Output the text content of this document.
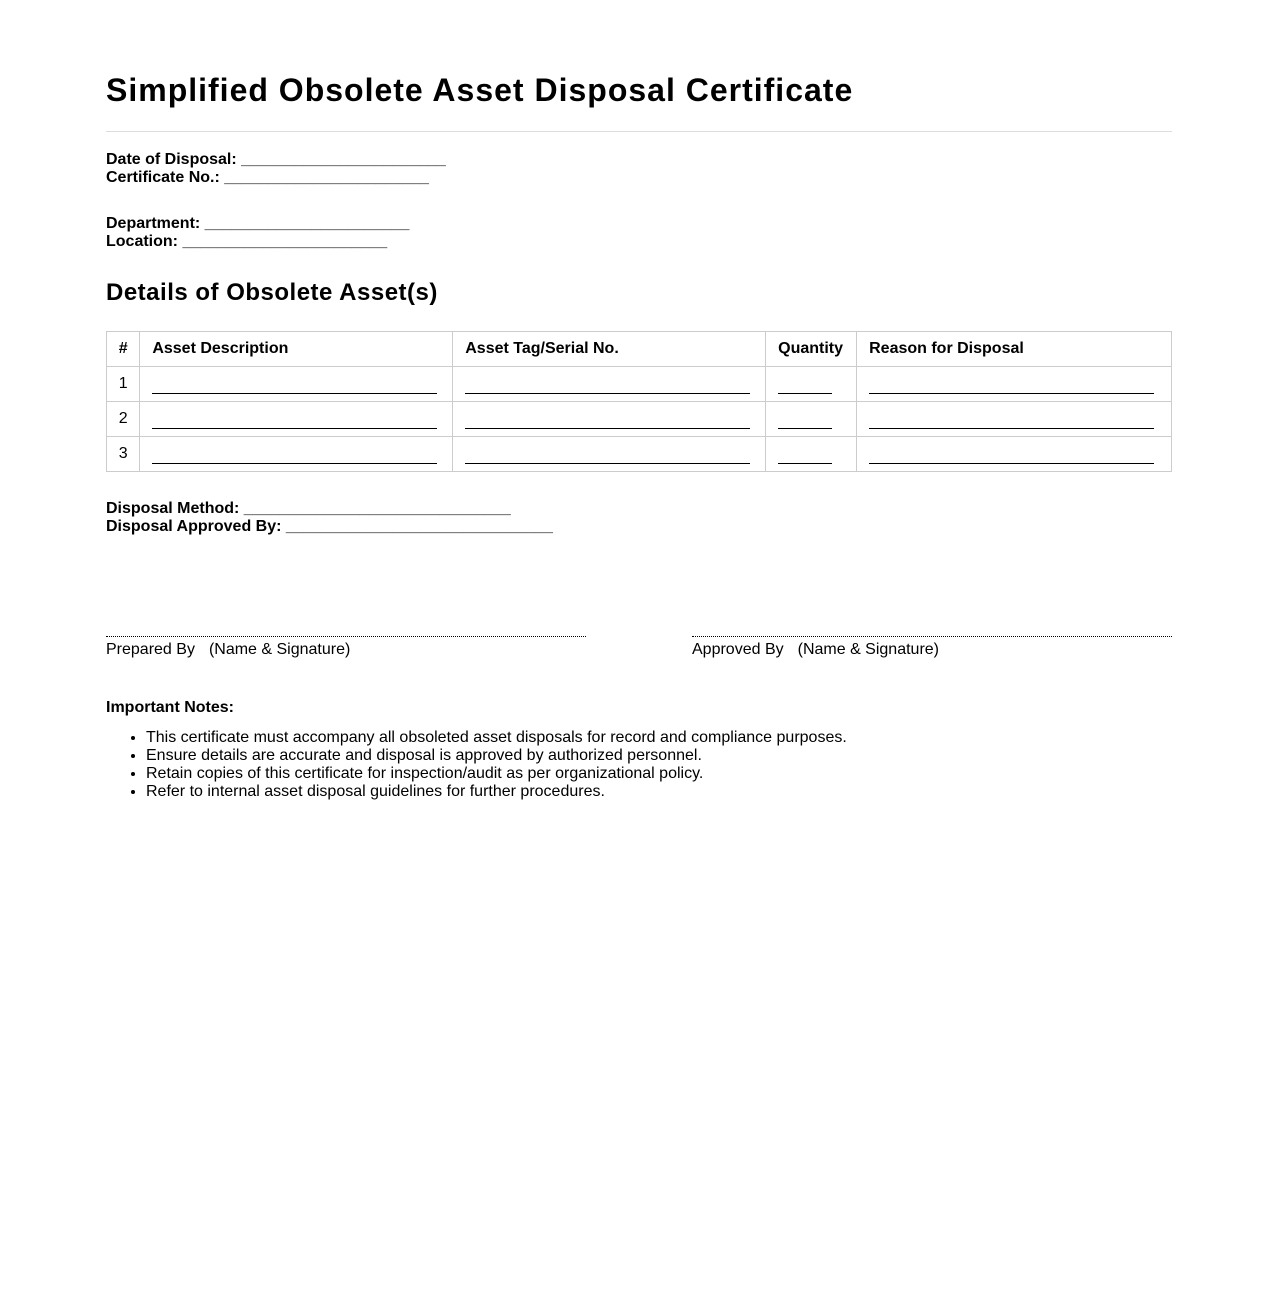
Simplified Obsolete Asset Disposal Certificate
Date of Disposal: _______________________
Certificate No.: _______________________
Department: _______________________
Location: _______________________
Details of Obsolete Asset(s)
#	Asset Description	Asset Tag/Serial No.	Quantity	Reason for Disposal
1				
2				
3				
Disposal Method: ______________________________
Disposal Approved By: ______________________________
Prepared By (Name & Signature)	Approved By (Name & Signature)
Important Notes:
• This certificate must accompany all obsoleted asset disposals for record and compliance purposes.
• Ensure details are accurate and disposal is approved by authorized personnel.
• Retain copies of this certificate for inspection/audit as per organizational policy.
• Refer to internal asset disposal guidelines for further procedures.
